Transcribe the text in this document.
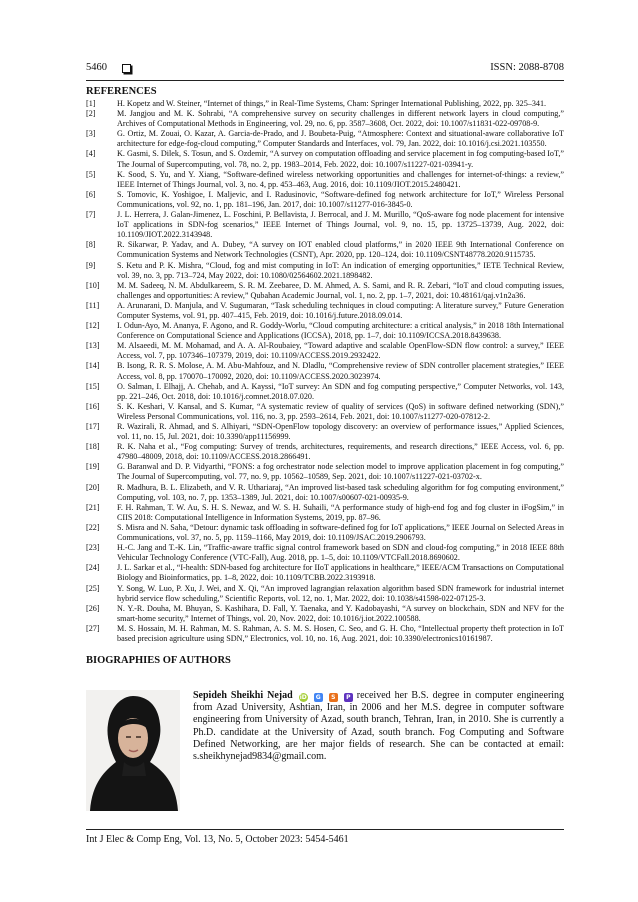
5460	ISSN: 2088-8708
REFERENCES
[1]	H. Kopetz and W. Steiner, “Internet of things,” in Real-Time Systems, Cham: Springer International Publishing, 2022, pp. 325–341.
[2]	M. Jangjou and M. K. Sohrabi, “A comprehensive survey on security challenges in different network layers in cloud computing,” Archives of Computational Methods in Engineering, vol. 29, no. 6, pp. 3587–3608, Oct. 2022, doi: 10.1007/s11831-022-09708-9.
[3]	G. Ortiz, M. Zouai, O. Kazar, A. Garcia-de-Prado, and J. Boubeta-Puig, “Atmosphere: Context and situational-aware collaborative IoT architecture for edge-fog-cloud computing,” Computer Standards and Interfaces, vol. 79, Jan. 2022, doi: 10.1016/j.csi.2021.103550.
[4]	K. Gasmi, S. Dilek, S. Tosun, and S. Ozdemir, “A survey on computation offloading and service placement in fog computing-based IoT,” The Journal of Supercomputing, vol. 78, no. 2, pp. 1983–2014, Feb. 2022, doi: 10.1007/s11227-021-03941-y.
[5]	K. Sood, S. Yu, and Y. Xiang, “Software-defined wireless networking opportunities and challenges for internet-of-things: a review,” IEEE Internet of Things Journal, vol. 3, no. 4, pp. 453–463, Aug. 2016, doi: 10.1109/JIOT.2015.2480421.
[6]	S. Tomovic, K. Yoshigoe, I. Maljevic, and I. Radusinovic, “Software-defined fog network architecture for IoT,” Wireless Personal Communications, vol. 92, no. 1, pp. 181–196, Jan. 2017, doi: 10.1007/s11277-016-3845-0.
[7]	J. L. Herrera, J. Galan-Jimenez, L. Foschini, P. Bellavista, J. Berrocal, and J. M. Murillo, “QoS-aware fog node placement for intensive IoT applications in SDN-fog scenarios,” IEEE Internet of Things Journal, vol. 9, no. 15, pp. 13725–13739, Aug. 2022, doi: 10.1109/JIOT.2022.3143948.
[8]	R. Sikarwar, P. Yadav, and A. Dubey, “A survey on IOT enabled cloud platforms,” in 2020 IEEE 9th International Conference on Communication Systems and Network Technologies (CSNT), Apr. 2020, pp. 120–124, doi: 10.1109/CSNT48778.2020.9115735.
[9]	S. Ketu and P. K. Mishra, “Cloud, fog and mist computing in IoT: An indication of emerging opportunities,” IETE Technical Review, vol. 39, no. 3, pp. 713–724, May 2022, doi: 10.1080/02564602.2021.1898482.
[10] M. M. Sadeeq, N. M. Abdulkareem, S. R. M. Zeebaree, D. M. Ahmed, A. S. Sami, and R. R. Zebari, “IoT and cloud computing issues, challenges and opportunities: A review,” Qubahan Academic Journal, vol. 1, no. 2, pp. 1–7, 2021, doi: 10.48161/qaj.v1n2a36.
[11] A. Arunarani, D. Manjula, and V. Sugumaran, “Task scheduling techniques in cloud computing: A literature survey,” Future Generation Computer Systems, vol. 91, pp. 407–415, Feb. 2019, doi: 10.1016/j.future.2018.09.014.
[12] I. Odun-Ayo, M. Ananya, F. Agono, and R. Goddy-Worlu, “Cloud computing architecture: a critical analysis,” in 2018 18th International Conference on Computational Science and Applications (ICCSA), 2018, pp. 1–7, doi: 10.1109/ICCSA.2018.8439638.
[13] M. Alsaeedi, M. M. Mohamad, and A. A. Al-Roubaiey, “Toward adaptive and scalable OpenFlow-SDN flow control: a survey,” IEEE Access, vol. 7, pp. 107346–107379, 2019, doi: 10.1109/ACCESS.2019.2932422.
[14] B. Isong, R. R. S. Molose, A. M. Abu-Mahfouz, and N. Dladlu, “Comprehensive review of SDN controller placement strategies,” IEEE Access, vol. 8, pp. 170070–170092, 2020, doi: 10.1109/ACCESS.2020.3023974.
[15] O. Salman, I. Elhajj, A. Chehab, and A. Kayssi, “IoT survey: An SDN and fog computing perspective,” Computer Networks, vol. 143, pp. 221–246, Oct. 2018, doi: 10.1016/j.comnet.2018.07.020.
[16] S. K. Keshari, V. Kansal, and S. Kumar, “A systematic review of quality of services (QoS) in software defined networking (SDN),” Wireless Personal Communications, vol. 116, no. 3, pp. 2593–2614, Feb. 2021, doi: 10.1007/s11277-020-07812-2.
[17] R. Wazirali, R. Ahmad, and S. Alhiyari, “SDN-OpenFlow topology discovery: an overview of performance issues,” Applied Sciences, vol. 11, no. 15, Jul. 2021, doi: 10.3390/app11156999.
[18] R. K. Naha et al., “Fog computing: Survey of trends, architectures, requirements, and research directions,” IEEE Access, vol. 6, pp. 47980–48009, 2018, doi: 10.1109/ACCESS.2018.2866491.
[19] G. Baranwal and D. P. Vidyarthi, “FONS: a fog orchestrator node selection model to improve application placement in fog computing,” The Journal of Supercomputing, vol. 77, no. 9, pp. 10562–10589, Sep. 2021, doi: 10.1007/s11227-021-03702-x.
[20] R. Madhura, B. L. Elizabeth, and V. R. Uthariaraj, “An improved list-based task scheduling algorithm for fog computing environment,” Computing, vol. 103, no. 7, pp. 1353–1389, Jul. 2021, doi: 10.1007/s00607-021-00935-9.
[21] F. H. Rahman, T. W. Au, S. H. S. Newaz, and W. S. H. Suhaili, “A performance study of high-end fog and fog cluster in iFogSim,” in CIIS 2018: Computational Intelligence in Information Systems, 2019, pp. 87–96.
[22] S. Misra and N. Saha, “Detour: dynamic task offloading in software-defined fog for IoT applications,” IEEE Journal on Selected Areas in Communications, vol. 37, no. 5, pp. 1159–1166, May 2019, doi: 10.1109/JSAC.2019.2906793.
[23] H.-C. Jang and T.-K. Lin, “Traffic-aware traffic signal control framework based on SDN and cloud-fog computing,” in 2018 IEEE 88th Vehicular Technology Conference (VTC-Fall), Aug. 2018, pp. 1–5, doi: 10.1109/VTCFall.2018.8690602.
[24] J. L. Sarkar et al., “I-health: SDN-based fog architecture for IIoT applications in healthcare,” IEEE/ACM Transactions on Computational Biology and Bioinformatics, pp. 1–8, 2022, doi: 10.1109/TCBB.2022.3193918.
[25] Y. Song, W. Luo, P. Xu, J. Wei, and X. Qi, “An improved lagrangian relaxation algorithm based SDN framework for industrial internet hybrid service flow scheduling,” Scientific Reports, vol. 12, no. 1, Mar. 2022, doi: 10.1038/s41598-022-07125-3.
[26] N. Y.-R. Douha, M. Bhuyan, S. Kashihara, D. Fall, Y. Taenaka, and Y. Kadobayashi, “A survey on blockchain, SDN and NFV for the smart-home security,” Internet of Things, vol. 20, Nov. 2022, doi: 10.1016/j.iot.2022.100588.
[27] M. S. Hossain, M. H. Rahman, M. S. Rahman, A. S. M. S. Hosen, C. Seo, and G. H. Cho, “Intellectual property theft protection in IoT based precision agriculture using SDN,” Electronics, vol. 10, no. 16, Aug. 2021, doi: 10.3390/electronics10161987.
BIOGRAPHIES OF AUTHORS
Sepideh Sheikhi Nejad iD G S P received her B.S. degree in computer engineering from Azad University, Ashtian, Iran, in 2006 and her M.S. degree in computer software engineering from University of Azad, south branch, Tehran, Iran, in 2010. She is currently a Ph.D. candidate at the University of Azad, south branch. Fog Computing and Software Defined Networking, are her major fields of research. She can be contacted at email: s.sheikhynejad9834@gmail.com.
Int J Elec & Comp Eng, Vol. 13, No. 5, October 2023: 5454-5461
